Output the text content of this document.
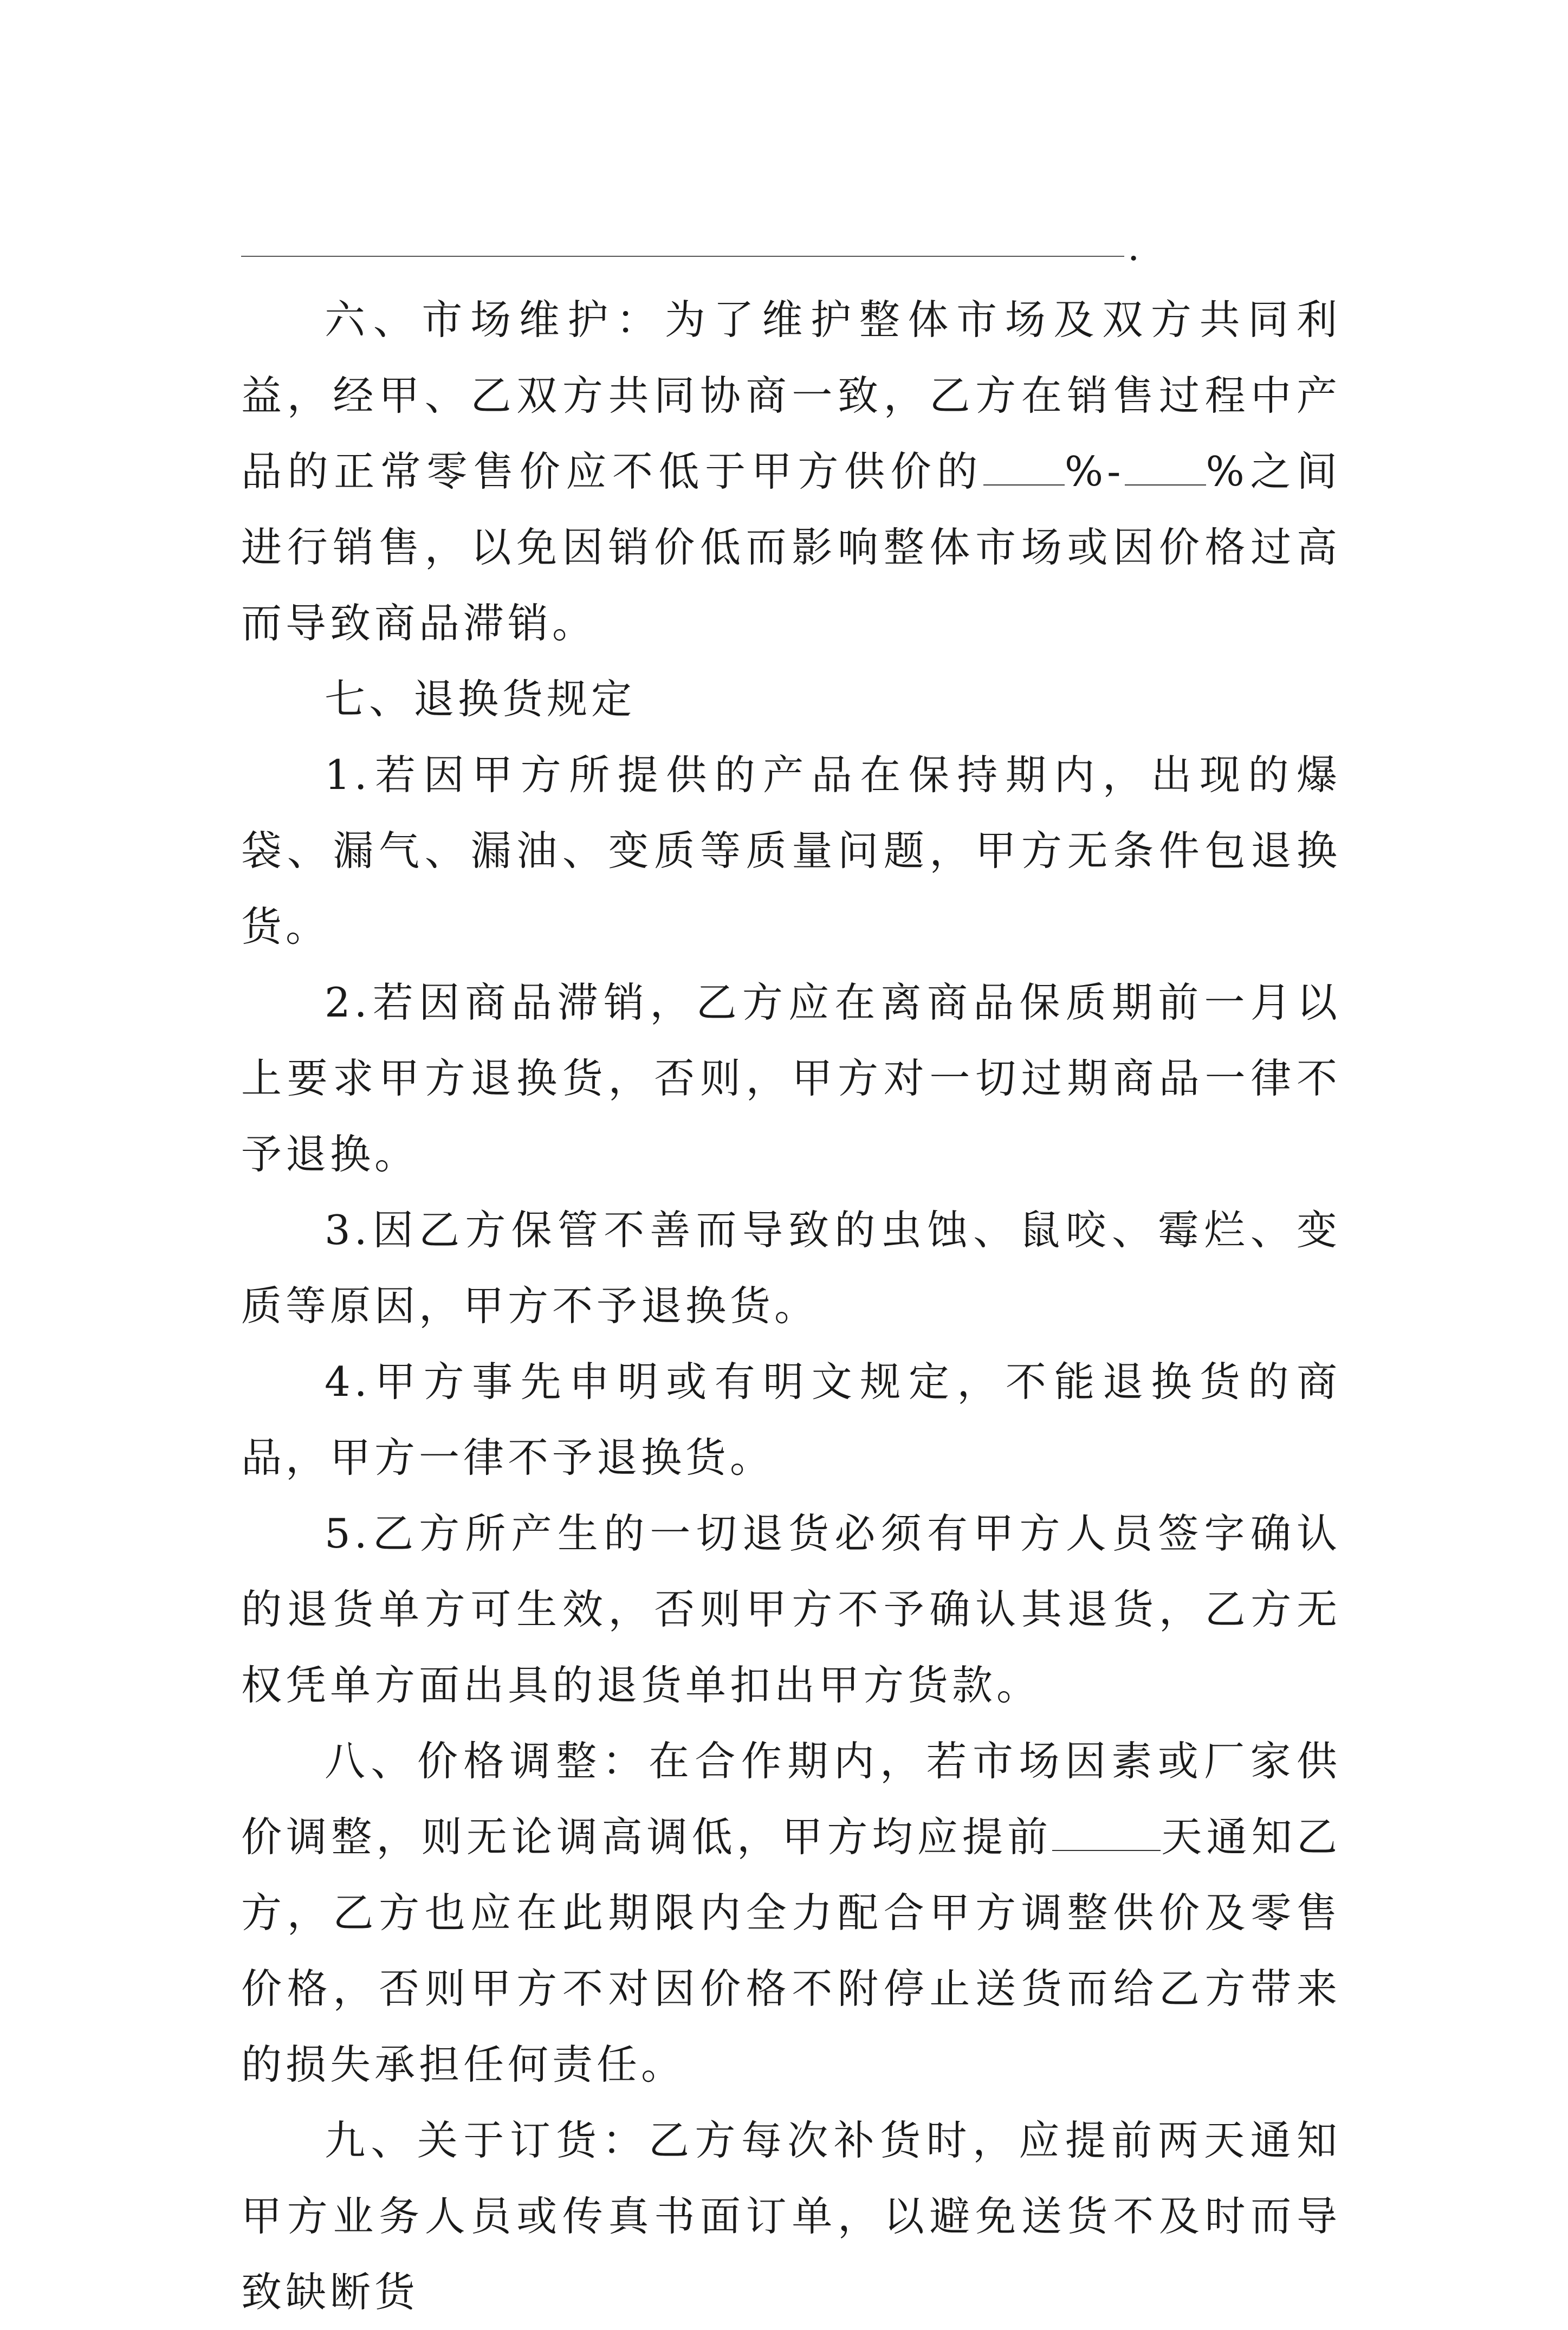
.

六、市场维护：为了维护整体市场及双方共同利益，经甲、乙双方共同协商一致，乙方在销售过程中产品的正常零售价应不低于甲方供价的 %- %之间进行销售，以免因销价低而影响整体市场或因价格过高而导致商品滞销。

七、退换货规定

1.若因甲方所提供的产品在保持期内，出现的爆袋、漏气、漏油、变质等质量问题，甲方无条件包退换货。

2.若因商品滞销，乙方应在离商品保质期前一月以上要求甲方退换货，否则，甲方对一切过期商品一律不予退换。

3.因乙方保管不善而导致的虫蚀、鼠咬、霉烂、变质等原因，甲方不予退换货。

4.甲方事先申明或有明文规定，不能退换货的商品，甲方一律不予退换货。

5.乙方所产生的一切退货必须有甲方人员签字确认的退货单方可生效，否则甲方不予确认其退货，乙方无权凭单方面出具的退货单扣出甲方货款。

八、价格调整：在合作期内，若市场因素或厂家供价调整，则无论调高调低，甲方均应提前	天通知乙方，乙方也应在此期限内全力配合甲方调整供价及零售价格，否则甲方不对因价格不附停止送货而给乙方带来的损失承担任何责任。

九、关于订货：乙方每次补货时，应提前两天通知甲方业务人员或传真书面订单，以避免送货不及时而导致缺断货
